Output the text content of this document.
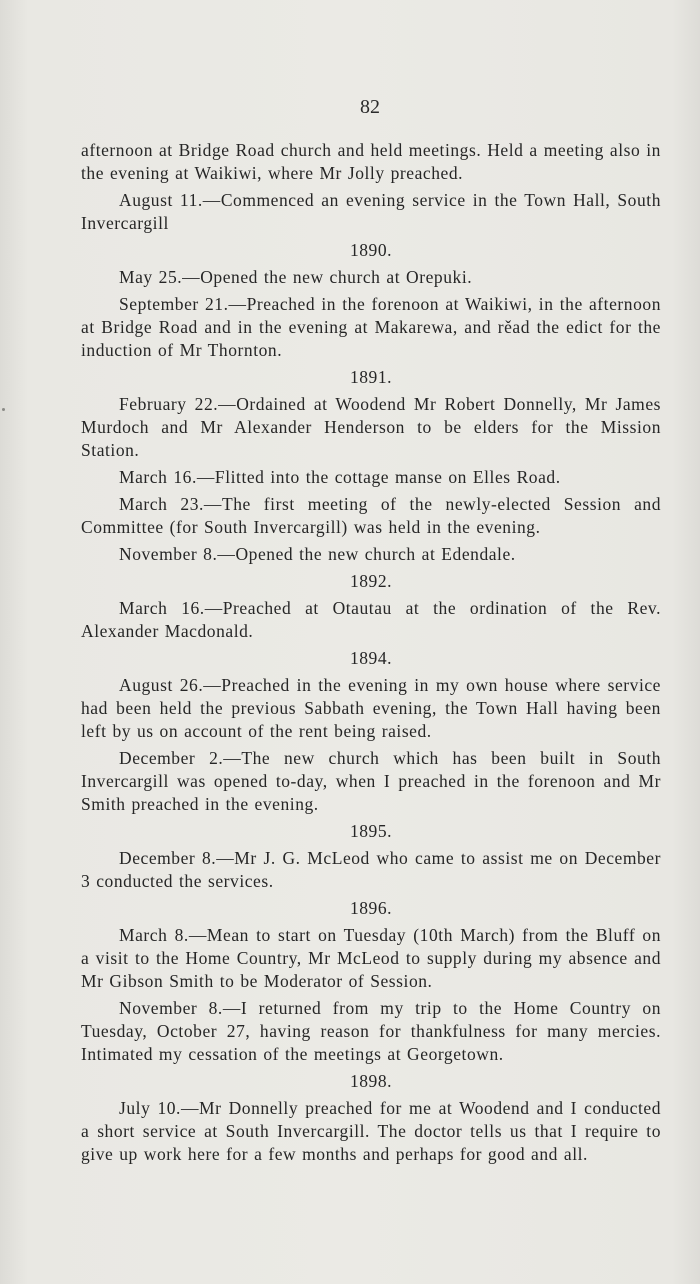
82

afternoon at Bridge Road church and held meetings. Held a meeting also in the evening at Waikiwi, where Mr Jolly preached.

August 11.—Commenced an evening service in the Town Hall, South Invercargill

1890.

May 25.—Opened the new church at Orepuki.

September 21.—Preached in the forenoon at Waikiwi, in the afternoon at Bridge Road and in the evening at Makarewa, and rěad the edict for the induction of Mr Thornton.

1891.

February 22.—Ordained at Woodend Mr Robert Donnelly, Mr James Murdoch and Mr Alexander Henderson to be elders for the Mission Station.

March 16.—Flitted into the cottage manse on Elles Road.

March 23.—The first meeting of the newly-elected Session and Committee (for South Invercargill) was held in the evening.

November 8.—Opened the new church at Edendale.

1892.

March 16.—Preached at Otautau at the ordination of the Rev. Alexander Macdonald.

1894.

August 26.—Preached in the evening in my own house where service had been held the previous Sabbath evening, the Town Hall having been left by us on account of the rent being raised.

December 2.—The new church which has been built in South Invercargill was opened to-day, when I preached in the forenoon and Mr Smith preached in the evening.

1895.

December 8.—Mr J. G. McLeod who came to assist me on December 3 conducted the services.

1896.

March 8.—Mean to start on Tuesday (10th March) from the Bluff on a visit to the Home Country, Mr McLeod to supply during my absence and Mr Gibson Smith to be Moderator of Session.

November 8.—I returned from my trip to the Home Country on Tuesday, October 27, having reason for thankfulness for many mercies. Intimated my cessation of the meetings at Georgetown.

1898.

July 10.—Mr Donnelly preached for me at Woodend and I conducted a short service at South Invercargill. The doctor tells us that I require to give up work here for a few months and perhaps for good and all.
